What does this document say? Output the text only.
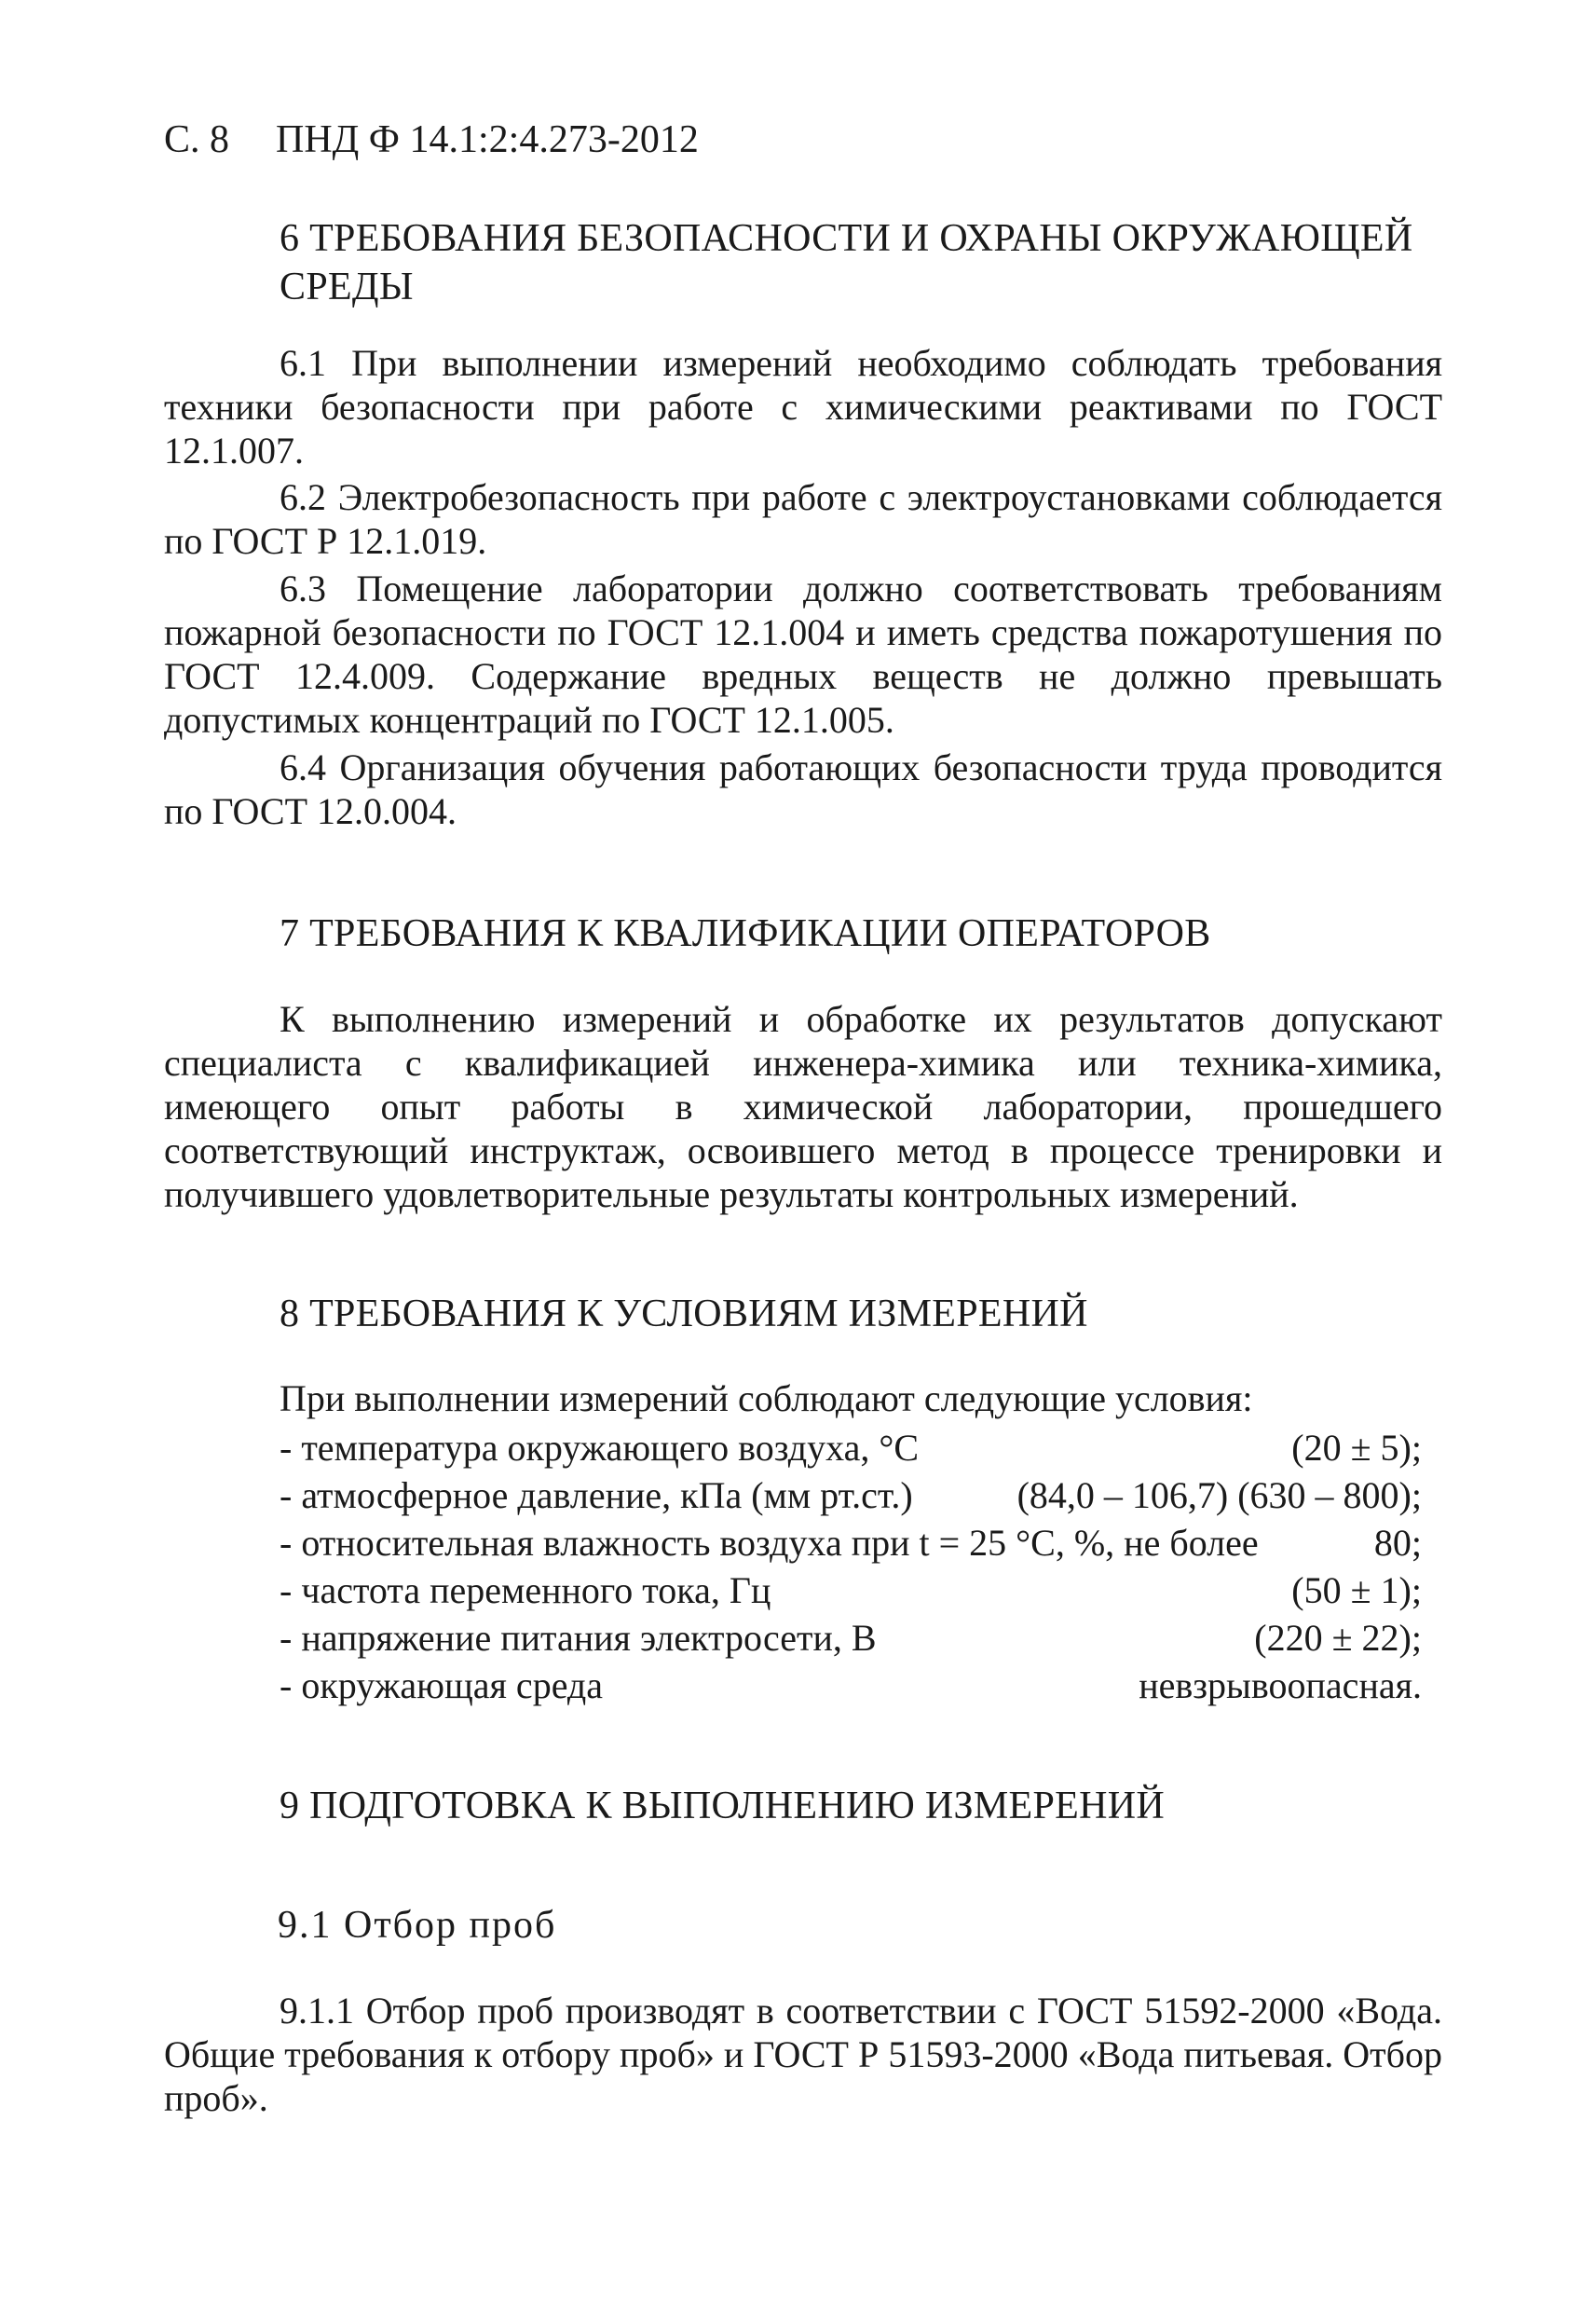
С. 8 ПНД Ф 14.1:2:4.273-2012
6 ТРЕБОВАНИЯ БЕЗОПАСНОСТИ И ОХРАНЫ ОКРУЖАЮЩЕЙ СРЕДЫ
6.1 При выполнении измерений необходимо соблюдать требования техники безопасности при работе с химическими реактивами по ГОСТ 12.1.007.
6.2 Электробезопасность при работе с электроустановками соблюдается по ГОСТ Р 12.1.019.
6.3 Помещение лаборатории должно соответствовать требованиям пожарной безопасности по ГОСТ 12.1.004 и иметь средства пожаротушения по ГОСТ 12.4.009. Содержание вредных веществ не должно превышать допустимых концентраций по ГОСТ 12.1.005.
6.4 Организация обучения работающих безопасности труда проводится по ГОСТ 12.0.004.
7 ТРЕБОВАНИЯ К КВАЛИФИКАЦИИ ОПЕРАТОРОВ
К выполнению измерений и обработке их результатов допускают специалиста с квалификацией инженера-химика или техника-химика, имеющего опыт работы в химической лаборатории, прошедшего соответствующий инструктаж, освоившего метод в процессе тренировки и получившего удовлетворительные результаты контрольных измерений.
8 ТРЕБОВАНИЯ К УСЛОВИЯМ ИЗМЕРЕНИЙ
При выполнении измерений соблюдают следующие условия:
- температура окружающего воздуха, °С	(20 ± 5);
- атмосферное давление, кПа (мм рт.ст.)	(84,0 – 106,7) (630 – 800);
- относительная влажность воздуха при t = 25 °С, %, не более	80;
- частота переменного тока, Гц	(50 ± 1);
- напряжение питания электросети, В	(220 ± 22);
- окружающая среда	невзрывоопасная.
9 ПОДГОТОВКА К ВЫПОЛНЕНИЮ ИЗМЕРЕНИЙ
9.1 Отбор проб
9.1.1 Отбор проб производят в соответствии с ГОСТ 51592-2000 «Вода. Общие требования к отбору проб» и ГОСТ Р 51593-2000 «Вода питьевая. Отбор проб».
